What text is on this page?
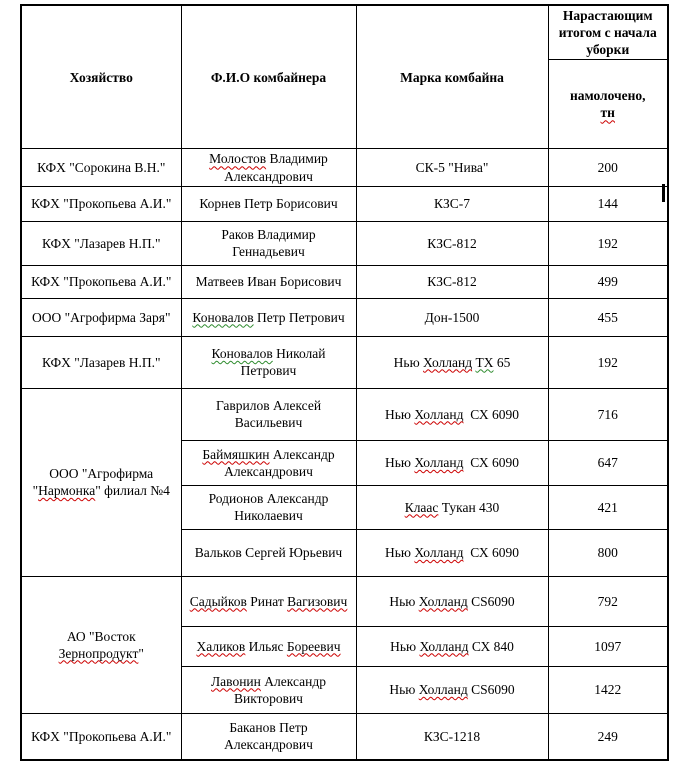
Хозяйство	Ф.И.О комбайнера	Марка комбайна	Нарастающим итогом с начала уборки
			намолочено,
тн
КФХ "Сорокина В.Н."	Молостов Владимир Александрович	СК-5 "Нива"	200
КФХ "Прокопьева А.И."	Корнев Петр Борисович	КЗС-7	144
КФХ "Лазарев Н.П."	Раков Владимир Геннадьевич	КЗС-812	192
КФХ "Прокопьева А.И."	Матвеев Иван Борисович	КЗС-812	499
ООО "Агрофирма Заря"	Коновалов Петр Петрович	Дон-1500	455
КФХ "Лазарев Н.П."	Коновалов Николай Петрович	Нью Холланд ТХ 65	192
ООО "Агрофирма "Нармонка" филиал №4	Гаврилов Алексей Васильевич	Нью Холланд  СХ 6090	716
	Баймяшкин Александр Александрович	Нью Холланд  СХ 6090	647
	Родионов Александр Николаевич	Клаас Тукан 430	421
	Вальков Сергей Юрьевич	Нью Холланд  СХ 6090	800
АО "Восток Зернопродукт"	Садыйков Ринат Вагизович	Нью Холланд CS6090	792
	Халиков Ильяс Бореевич	Нью Холланд СХ 840	1097
	Лавонин Александр Викторович	Нью Холланд CS6090	1422
КФХ "Прокопьева А.И."	Баканов Петр Александрович	КЗС-1218	249
